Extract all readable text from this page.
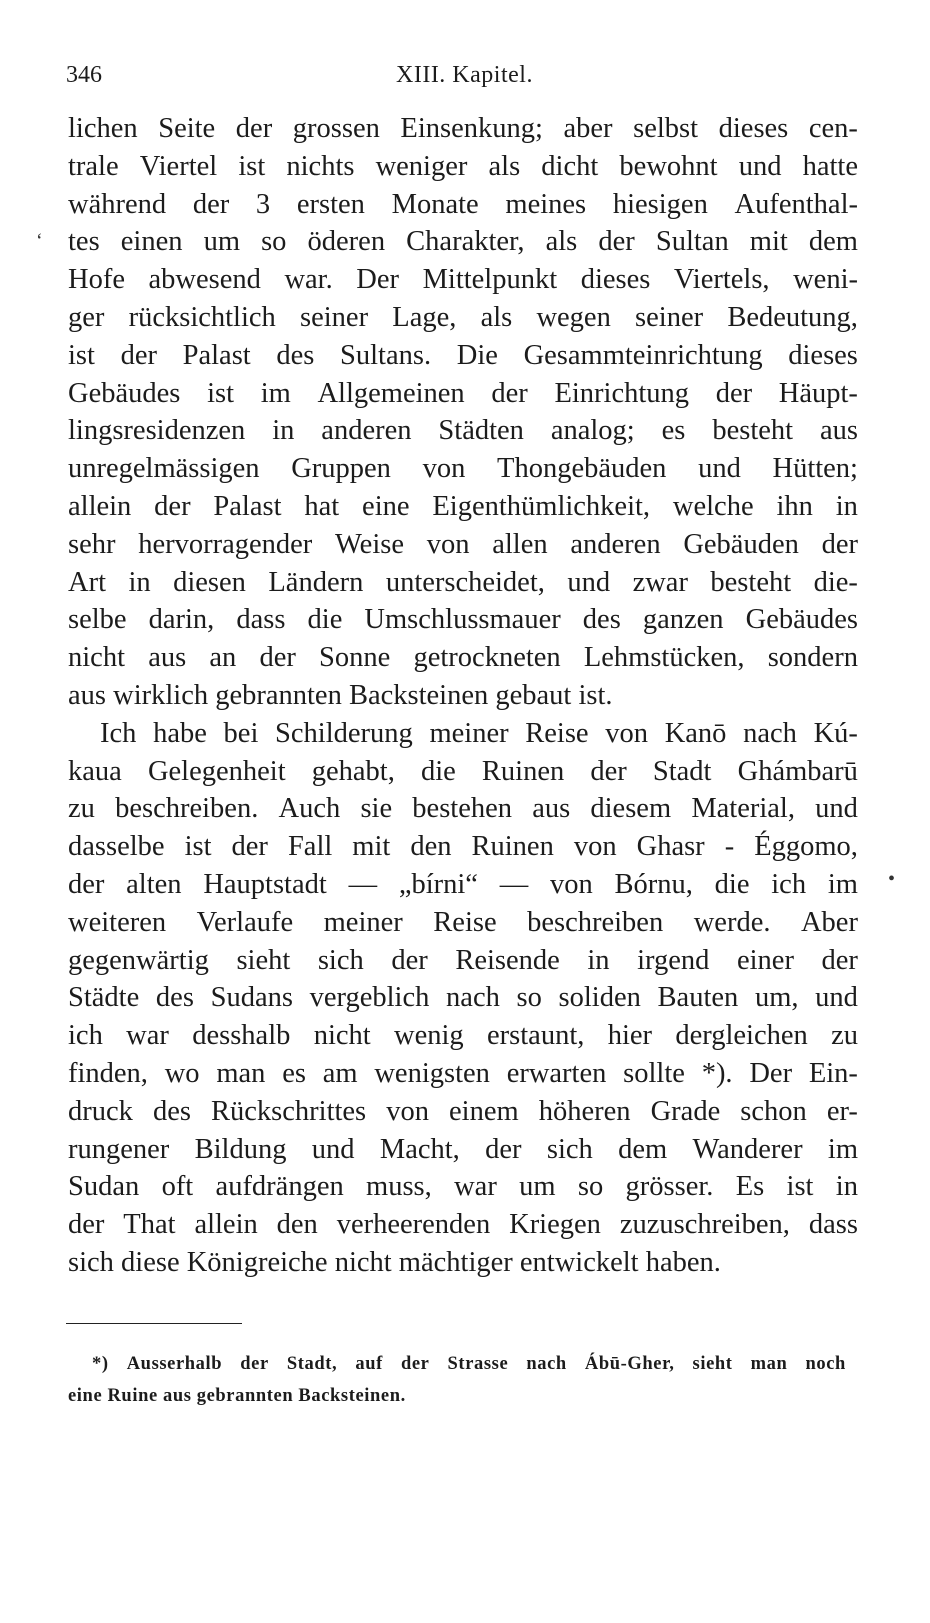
346	XIII. Kapitel.
lichen Seite der grossen Einsenkung; aber selbst dieses cen-
trale Viertel ist nichts weniger als dicht bewohnt und hatte
während der 3 ersten Monate meines hiesigen Aufenthal-
tes einen um so öderen Charakter, als der Sultan mit dem
Hofe abwesend war. Der Mittelpunkt dieses Viertels, weni-
ger rücksichtlich seiner Lage, als wegen seiner Bedeutung,
ist der Palast des Sultans. Die Gesammteinrichtung dieses
Gebäudes ist im Allgemeinen der Einrichtung der Häupt-
lingsresidenzen in anderen Städten analog; es besteht aus
unregelmässigen Gruppen von Thongebäuden und Hütten;
allein der Palast hat eine Eigenthümlichkeit, welche ihn in
sehr hervorragender Weise von allen anderen Gebäuden der
Art in diesen Ländern unterscheidet, und zwar besteht die-
selbe darin, dass die Umschlussmauer des ganzen Gebäudes
nicht aus an der Sonne getrockneten Lehmstücken, sondern
aus wirklich gebrannten Backsteinen gebaut ist.
Ich habe bei Schilderung meiner Reise von Kanō nach Kú-
kaua Gelegenheit gehabt, die Ruinen der Stadt Ghámbarū
zu beschreiben. Auch sie bestehen aus diesem Material, und
dasselbe ist der Fall mit den Ruinen von Ghasr - Éggomo,
der alten Hauptstadt — „bírni“ — von Bórnu, die ich im
weiteren Verlaufe meiner Reise beschreiben werde. Aber
gegenwärtig sieht sich der Reisende in irgend einer der
Städte des Sudans vergeblich nach so soliden Bauten um, und
ich war desshalb nicht wenig erstaunt, hier dergleichen zu
finden, wo man es am wenigsten erwarten sollte *). Der Ein-
druck des Rückschrittes von einem höheren Grade schon er-
rungener Bildung und Macht, der sich dem Wanderer im
Sudan oft aufdrängen muss, war um so grösser. Es ist in
der That allein den verheerenden Kriegen zuzuschreiben, dass
sich diese Königreiche nicht mächtiger entwickelt haben.
*) Ausserhalb der Stadt, auf der Strasse nach Ábū-Gher, sieht man noch
eine Ruine aus gebrannten Backsteinen.
ʻ
•
